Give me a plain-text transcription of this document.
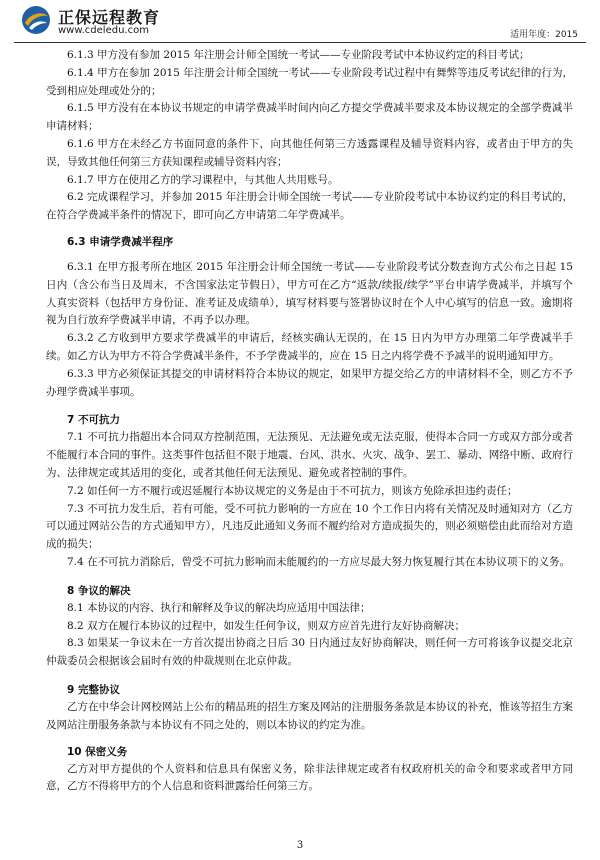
正保远程教育
www.cdeledu.com	适用年度：2015

6.1.3 甲方没有参加 2015 年注册会计师全国统一考试——专业阶段考试中本协议约定的科目考试；

6.1.4 甲方在参加 2015 年注册会计师全国统一考试——专业阶段考试过程中有舞弊等违反考试纪律的行为，受到相应处理或处分的；

6.1.5 甲方没有在本协议书规定的申请学费减半时间内向乙方提交学费减半要求及本协议规定的全部学费减半申请材料；

6.1.6 甲方在未经乙方书面同意的条件下，向其他任何第三方透露课程及辅导资料内容，或者由于甲方的失误，导致其他任何第三方获知课程或辅导资料内容；

6.1.7 甲方在使用乙方的学习课程中，与其他人共用账号。

6.2 完成课程学习，并参加 2015 年注册会计师全国统一考试——专业阶段考试中本协议约定的科目考试的，在符合学费减半条件的情况下，即可向乙方申请第二年学费减半。

6.3 申请学费减半程序

6.3.1 在甲方报考所在地区 2015 年注册会计师全国统一考试——专业阶段考试分数查询方式公布之日起 15 日内（含公布当日及周末，不含国家法定节假日），甲方可在乙方“返款/续报/续学”平台申请学费减半，并填写个人真实资料（包括甲方身份证、准考证及成绩单），填写材料要与签署协议时在个人中心填写的信息一致。逾期将视为自行放弃学费减半申请，不再予以办理。

6.3.2 乙方收到甲方要求学费减半的申请后，经核实确认无误的，在 15 日内为甲方办理第二年学费减半手续。如乙方认为甲方不符合学费减半条件，不予学费减半的，应在 15 日之内将学费不予减半的说明通知甲方。

6.3.3 甲方必须保证其提交的申请材料符合本协议的规定，如果甲方提交给乙方的申请材料不全，则乙方不予办理学费减半事项。

7 不可抗力

7.1 不可抗力指超出本合同双方控制范围，无法预见、无法避免或无法克服，使得本合同一方或双方部分或者不能履行本合同的事件。这类事件包括但不限于地震、台风、洪水、火灾、战争、罢工、暴动、网络中断、政府行为、法律规定或其适用的变化，或者其他任何无法预见、避免或者控制的事件。

7.2 如任何一方不履行或迟延履行本协议规定的义务是由于不可抗力，则该方免除承担违约责任；

7.3 不可抗力发生后，若有可能，受不可抗力影响的一方应在 10 个工作日内将有关情况及时通知对方（乙方可以通过网站公告的方式通知甲方），凡违反此通知义务而不履约给对方造成损失的，则必须赔偿由此而给对方造成的损失；

7.4 在不可抗力消除后，曾受不可抗力影响而未能履约的一方应尽最大努力恢复履行其在本协议项下的义务。

8 争议的解决

8.1 本协议的内容、执行和解释及争议的解决均应适用中国法律；

8.2 双方在履行本协议的过程中，如发生任何争议，则双方应首先进行友好协商解决；

8.3 如果某一争议未在一方首次提出协商之日后 30 日内通过友好协商解决，则任何一方可将该争议提交北京仲裁委员会根据该会届时有效的仲裁规则在北京仲裁。

9 完整协议

乙方在中华会计网校网站上公布的精品班的招生方案及网站的注册服务条款是本协议的补充，惟该等招生方案及网站注册服务条款与本协议有不同之处的，则以本协议的约定为准。

10 保密义务

乙方对甲方提供的个人资料和信息具有保密义务，除非法律规定或者有权政府机关的命令和要求或者甲方同意，乙方不得将甲方的个人信息和资料泄露给任何第三方。

3
